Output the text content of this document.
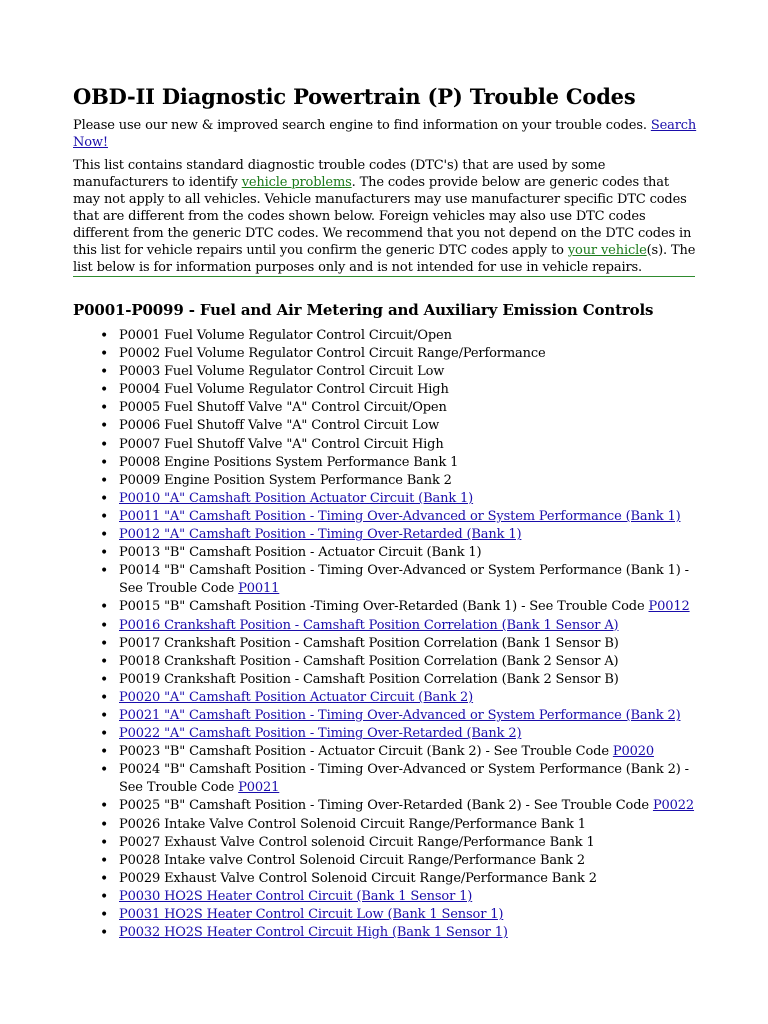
OBD-II Diagnostic Powertrain (P) Trouble Codes

Please use our new & improved search engine to find information on your trouble codes. Search Now!

This list contains standard diagnostic trouble codes (DTC's) that are used by some manufacturers to identify vehicle problems. The codes provide below are generic codes that may not apply to all vehicles. Vehicle manufacturers may use manufacturer specific DTC codes that are different from the codes shown below. Foreign vehicles may also use DTC codes different from the generic DTC codes. We recommend that you not depend on the DTC codes in this list for vehicle repairs until you confirm the generic DTC codes apply to your vehicle(s). The list below is for information purposes only and is not intended for use in vehicle repairs.

P0001-P0099 - Fuel and Air Metering and Auxiliary Emission Controls
• P0001 Fuel Volume Regulator Control Circuit/Open
• P0002 Fuel Volume Regulator Control Circuit Range/Performance
• P0003 Fuel Volume Regulator Control Circuit Low
• P0004 Fuel Volume Regulator Control Circuit High
• P0005 Fuel Shutoff Valve "A" Control Circuit/Open
• P0006 Fuel Shutoff Valve "A" Control Circuit Low
• P0007 Fuel Shutoff Valve "A" Control Circuit High
• P0008 Engine Positions System Performance Bank 1
• P0009 Engine Position System Performance Bank 2
• P0010 "A" Camshaft Position Actuator Circuit (Bank 1)
• P0011 "A" Camshaft Position - Timing Over-Advanced or System Performance (Bank 1)
• P0012 "A" Camshaft Position - Timing Over-Retarded (Bank 1)
• P0013 "B" Camshaft Position - Actuator Circuit (Bank 1)
• P0014 "B" Camshaft Position - Timing Over-Advanced or System Performance (Bank 1) - See Trouble Code P0011
• P0015 "B" Camshaft Position -Timing Over-Retarded (Bank 1) - See Trouble Code P0012
• P0016 Crankshaft Position - Camshaft Position Correlation (Bank 1 Sensor A)
• P0017 Crankshaft Position - Camshaft Position Correlation (Bank 1 Sensor B)
• P0018 Crankshaft Position - Camshaft Position Correlation (Bank 2 Sensor A)
• P0019 Crankshaft Position - Camshaft Position Correlation (Bank 2 Sensor B)
• P0020 "A" Camshaft Position Actuator Circuit (Bank 2)
• P0021 "A" Camshaft Position - Timing Over-Advanced or System Performance (Bank 2)
• P0022 "A" Camshaft Position - Timing Over-Retarded (Bank 2)
• P0023 "B" Camshaft Position - Actuator Circuit (Bank 2) - See Trouble Code P0020
• P0024 "B" Camshaft Position - Timing Over-Advanced or System Performance (Bank 2) - See Trouble Code P0021
• P0025 "B" Camshaft Position - Timing Over-Retarded (Bank 2) - See Trouble Code P0022
• P0026 Intake Valve Control Solenoid Circuit Range/Performance Bank 1
• P0027 Exhaust Valve Control solenoid Circuit Range/Performance Bank 1
• P0028 Intake valve Control Solenoid Circuit Range/Performance Bank 2
• P0029 Exhaust Valve Control Solenoid Circuit Range/Performance Bank 2
• P0030 HO2S Heater Control Circuit (Bank 1 Sensor 1)
• P0031 HO2S Heater Control Circuit Low (Bank 1 Sensor 1)
• P0032 HO2S Heater Control Circuit High (Bank 1 Sensor 1)
